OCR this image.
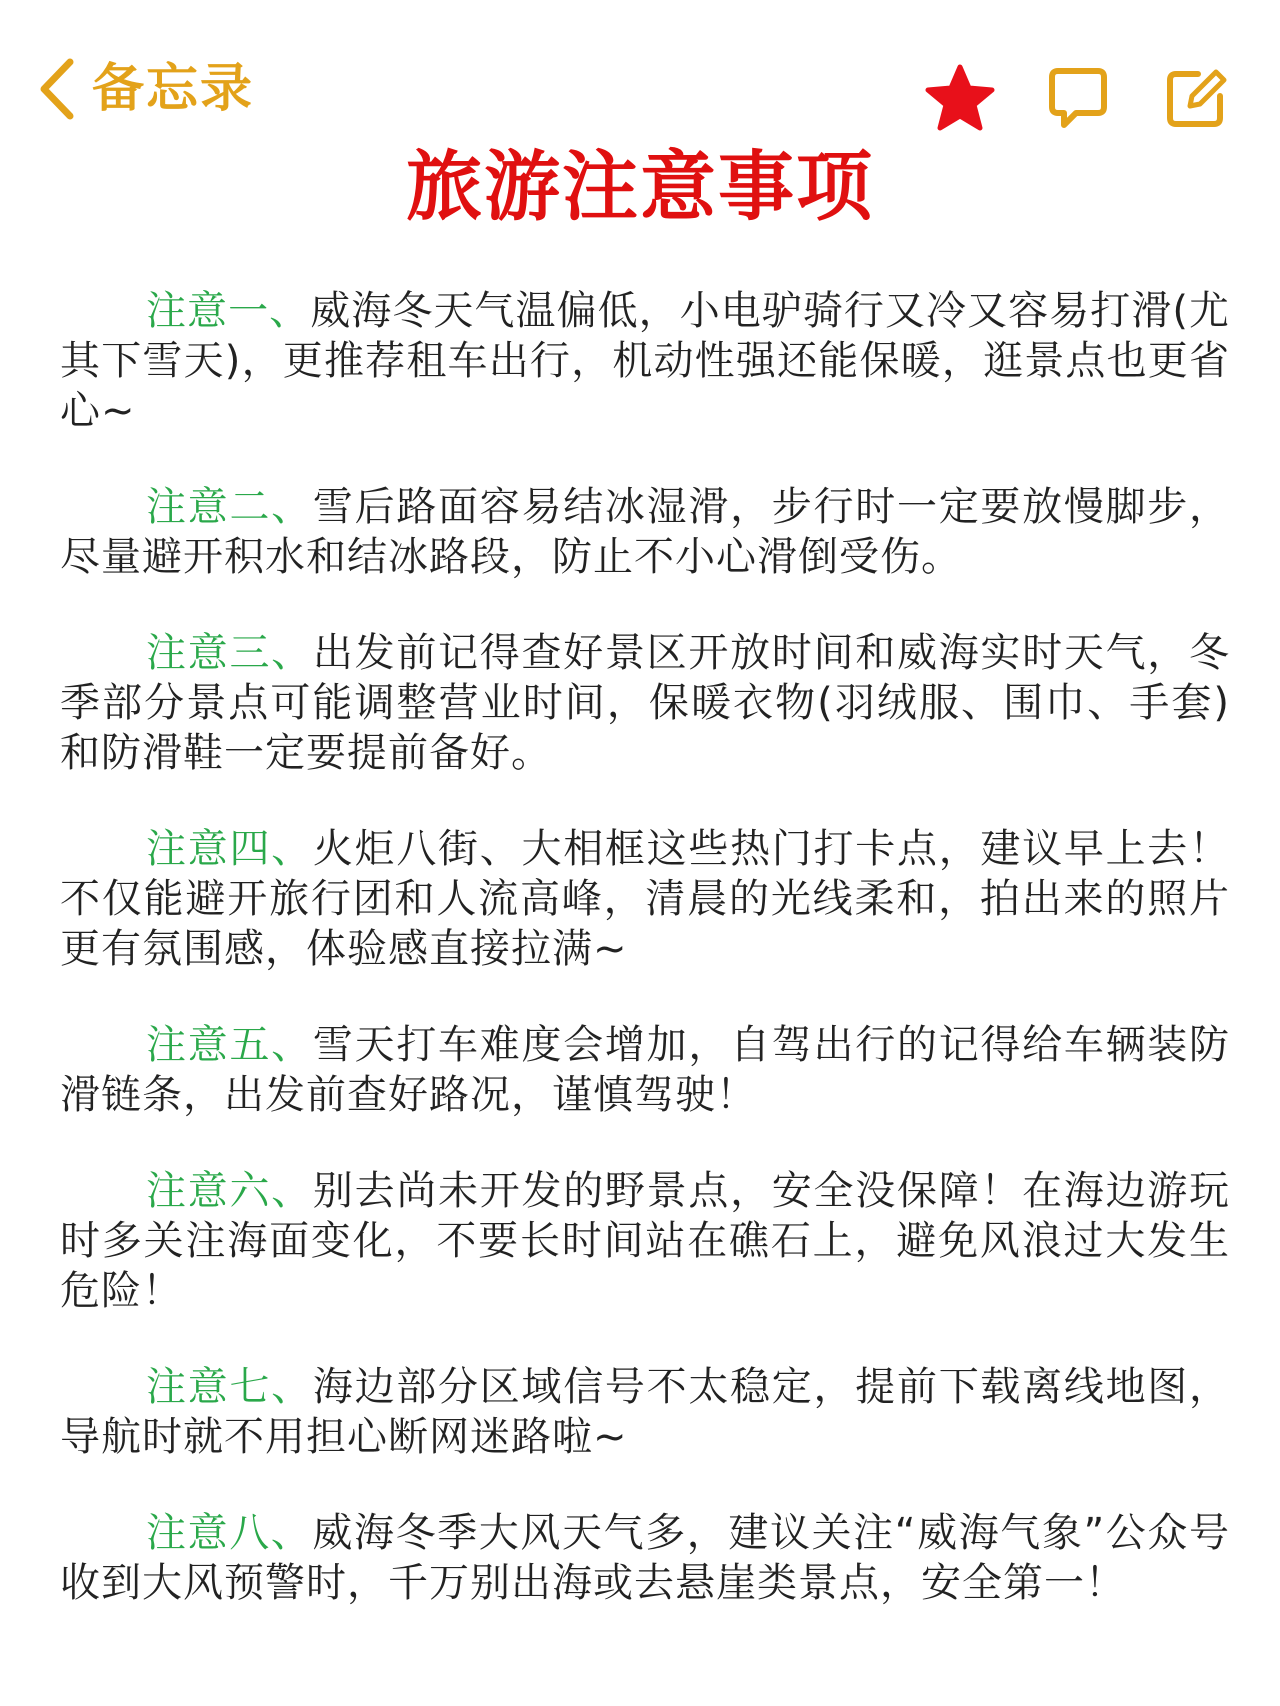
备忘录
旅游注意事项

注意一、威海冬天气温偏低，小电驴骑行又冷又容易打滑(尤其下雪天)，更推荐租车出行，机动性强还能保暖，逛景点也更省心~

注意二、雪后路面容易结冰湿滑，步行时一定要放慢脚步，尽量避开积水和结冰路段，防止不小心滑倒受伤。

注意三、出发前记得查好景区开放时间和威海实时天气，冬季部分景点可能调整营业时间，保暖衣物(羽绒服、围巾、手套)和防滑鞋一定要提前备好。

注意四、火炬八街、大相框这些热门打卡点，建议早上去！不仅能避开旅行团和人流高峰，清晨的光线柔和，拍出来的照片更有氛围感，体验感直接拉满~

注意五、雪天打车难度会增加，自驾出行的记得给车辆装防滑链条，出发前查好路况，谨慎驾驶！

注意六、别去尚未开发的野景点，安全没保障！在海边游玩时多关注海面变化，不要长时间站在礁石上，避免风浪过大发生危险！

注意七、海边部分区域信号不太稳定，提前下载离线地图，导航时就不用担心断网迷路啦~

注意八、威海冬季大风天气多，建议关注“威海气象”公众号收到大风预警时，千万别出海或去悬崖类景点，安全第一！
